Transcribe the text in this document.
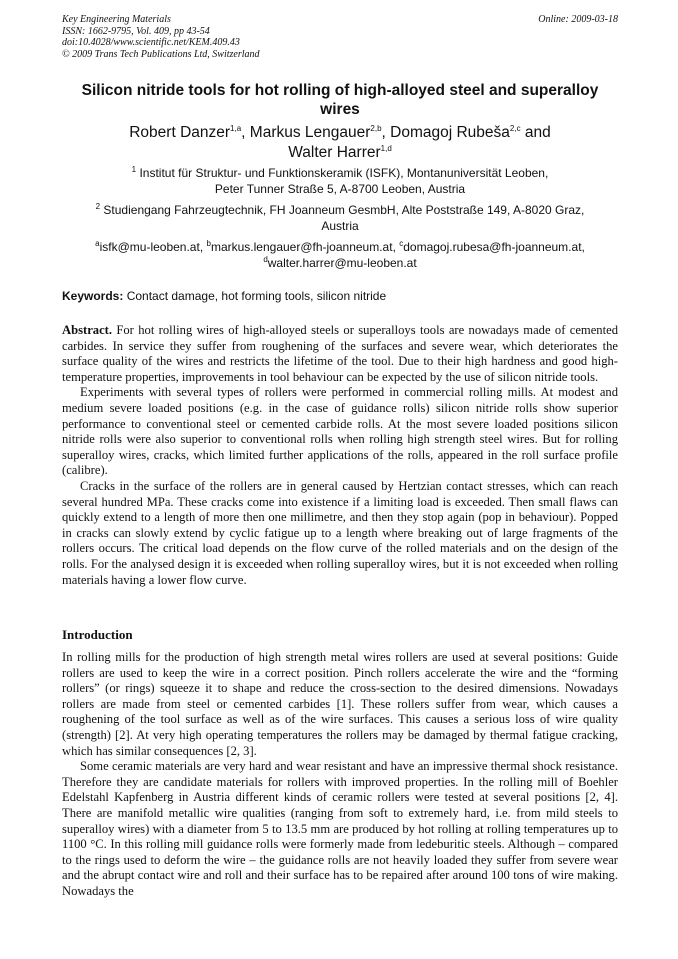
Key Engineering Materials
ISSN: 1662-9795, Vol. 409, pp 43-54
doi:10.4028/www.scientific.net/KEM.409.43
© 2009 Trans Tech Publications Ltd, Switzerland
Online: 2009-03-18
Silicon nitride tools for hot rolling of high-alloyed steel and superalloy wires
Robert Danzer$^{1,a}$, Markus Lengauer$^{2,b}$, Domagoj Rubeša$^{2,c}$ and
Walter Harrer$^{1,d}$
$^1$ Institut für Struktur- und Funktionskeramik (ISFK), Montanuniversität Leoben,
Peter Tunner Straße 5, A-8700 Leoben, Austria
$^2$ Studiengang Fahrzeugtechnik, FH Joanneum GesmbH, Alte Poststraße 149, A-8020 Graz,
Austria
$^a$isfk@mu-leoben.at, $^b$markus.lengauer@fh-joanneum.at, $^c$domagoj.rubesa@fh-joanneum.at,
$^d$walter.harrer@mu-leoben.at
Keywords: Contact damage, hot forming tools, silicon nitride

Abstract. For hot rolling wires of high-alloyed steels or superalloys tools are nowadays made of cemented carbides. In service they suffer from roughening of the surfaces and severe wear, which deteriorates the surface quality of the wires and restricts the lifetime of the tool. Due to their high hardness and good high-temperature properties, improvements in tool behaviour can be expected by the use of silicon nitride tools.

Experiments with several types of rollers were performed in commercial rolling mills. At modest and medium severe loaded positions (e.g. in the case of guidance rolls) silicon nitride rolls show superior performance to conventional steel or cemented carbide rolls. At the most severe loaded positions silicon nitride rolls were also superior to conventional rolls when rolling high strength steel wires. But for rolling superalloy wires, cracks, which limited further applications of the rolls, appeared in the roll surface profile (calibre).

Cracks in the surface of the rollers are in general caused by Hertzian contact stresses, which can reach several hundred MPa. These cracks come into existence if a limiting load is exceeded. Then small flaws can quickly extend to a length of more then one millimetre, and then they stop again (pop in behaviour). Popped in cracks can slowly extend by cyclic fatigue up to a length where breaking out of large fragments of the rollers occurs. The critical load depends on the flow curve of the rolled materials and on the design of the rolls. For the analysed design it is exceeded when rolling superalloy wires, but it is not exceeded when rolling materials having a lower flow curve.

Introduction

In rolling mills for the production of high strength metal wires rollers are used at several positions: Guide rollers are used to keep the wire in a correct position. Pinch rollers accelerate the wire and the “forming rollers” (or rings) squeeze it to shape and reduce the cross-section to the desired dimensions. Nowadays rollers are made from steel or cemented carbides [1]. These rollers suffer from wear, which causes a roughening of the tool surface as well as of the wire surfaces. This causes a serious loss of wire quality (strength) [2]. At very high operating temperatures the rollers may be damaged by thermal fatigue cracking, which has similar consequences [2, 3].

Some ceramic materials are very hard and wear resistant and have an impressive thermal shock resistance. Therefore they are candidate materials for rollers with improved properties. In the rolling mill of Boehler Edelstahl Kapfenberg in Austria different kinds of ceramic rollers were tested at several positions [2, 4]. There are manifold metallic wire qualities (ranging from soft to extremely hard, i.e. from mild steels to superalloy wires) with a diameter from 5 to 13.5 mm are produced by hot rolling at rolling temperatures up to 1100 °C. In this rolling mill guidance rolls were formerly made from ledeburitic steels. Although – compared to the rings used to deform the wire – the guidance rolls are not heavily loaded they suffer from severe wear and the abrupt contact wire and roll and their surface has to be repaired after around 100 tons of wire making. Nowadays the
